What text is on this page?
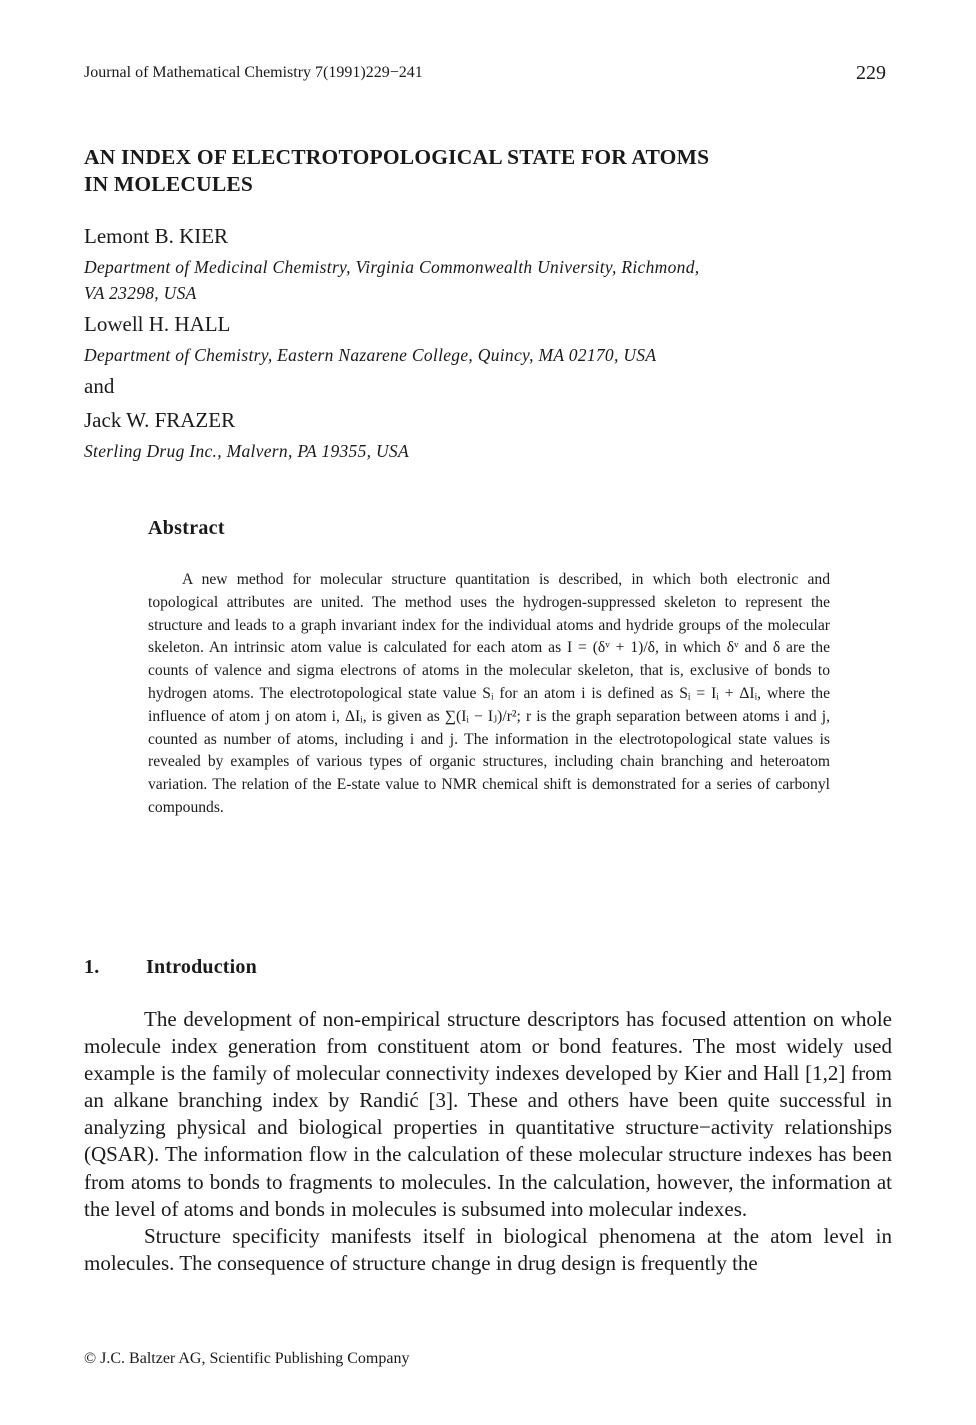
Journal of Mathematical Chemistry 7(1991)229−241	229
AN INDEX OF ELECTROTOPOLOGICAL STATE FOR ATOMS
IN MOLECULES
Lemont B. KIER
Department of Medicinal Chemistry, Virginia Commonwealth University, Richmond,
VA 23298, USA
Lowell H. HALL
Department of Chemistry, Eastern Nazarene College, Quincy, MA 02170, USA
and
Jack W. FRAZER
Sterling Drug Inc., Malvern, PA 19355, USA
Abstract

A new method for molecular structure quantitation is described, in which both electronic and topological attributes are united. The method uses the hydrogen-suppressed skeleton to represent the structure and leads to a graph invariant index for the individual atoms and hydride groups of the molecular skeleton. An intrinsic atom value is calculated for each atom as I = (δᵛ + 1)/δ, in which δᵛ and δ are the counts of valence and sigma electrons of atoms in the molecular skeleton, that is, exclusive of bonds to hydrogen atoms. The electrotopological state value Sᵢ for an atom i is defined as Sᵢ = Iᵢ + ΔIᵢ, where the influence of atom j on atom i, ΔIᵢ, is given as ∑(Iᵢ − Iⱼ)/r²; r is the graph separation between atoms i and j, counted as number of atoms, including i and j. The information in the electrotopological state values is revealed by examples of various types of organic structures, including chain branching and heteroatom variation. The relation of the E-state value to NMR chemical shift is demonstrated for a series of carbonyl compounds.

1. Introduction

The development of non-empirical structure descriptors has focused attention on whole molecule index generation from constituent atom or bond features. The most widely used example is the family of molecular connectivity indexes developed by Kier and Hall [1,2] from an alkane branching index by Randić [3]. These and others have been quite successful in analyzing physical and biological properties in quantitative structure−activity relationships (QSAR). The information flow in the calculation of these molecular structure indexes has been from atoms to bonds to fragments to molecules. In the calculation, however, the information at the level of atoms and bonds in molecules is subsumed into molecular indexes.

Structure specificity manifests itself in biological phenomena at the atom level in molecules. The consequence of structure change in drug design is frequently the

© J.C. Baltzer AG, Scientific Publishing Company
